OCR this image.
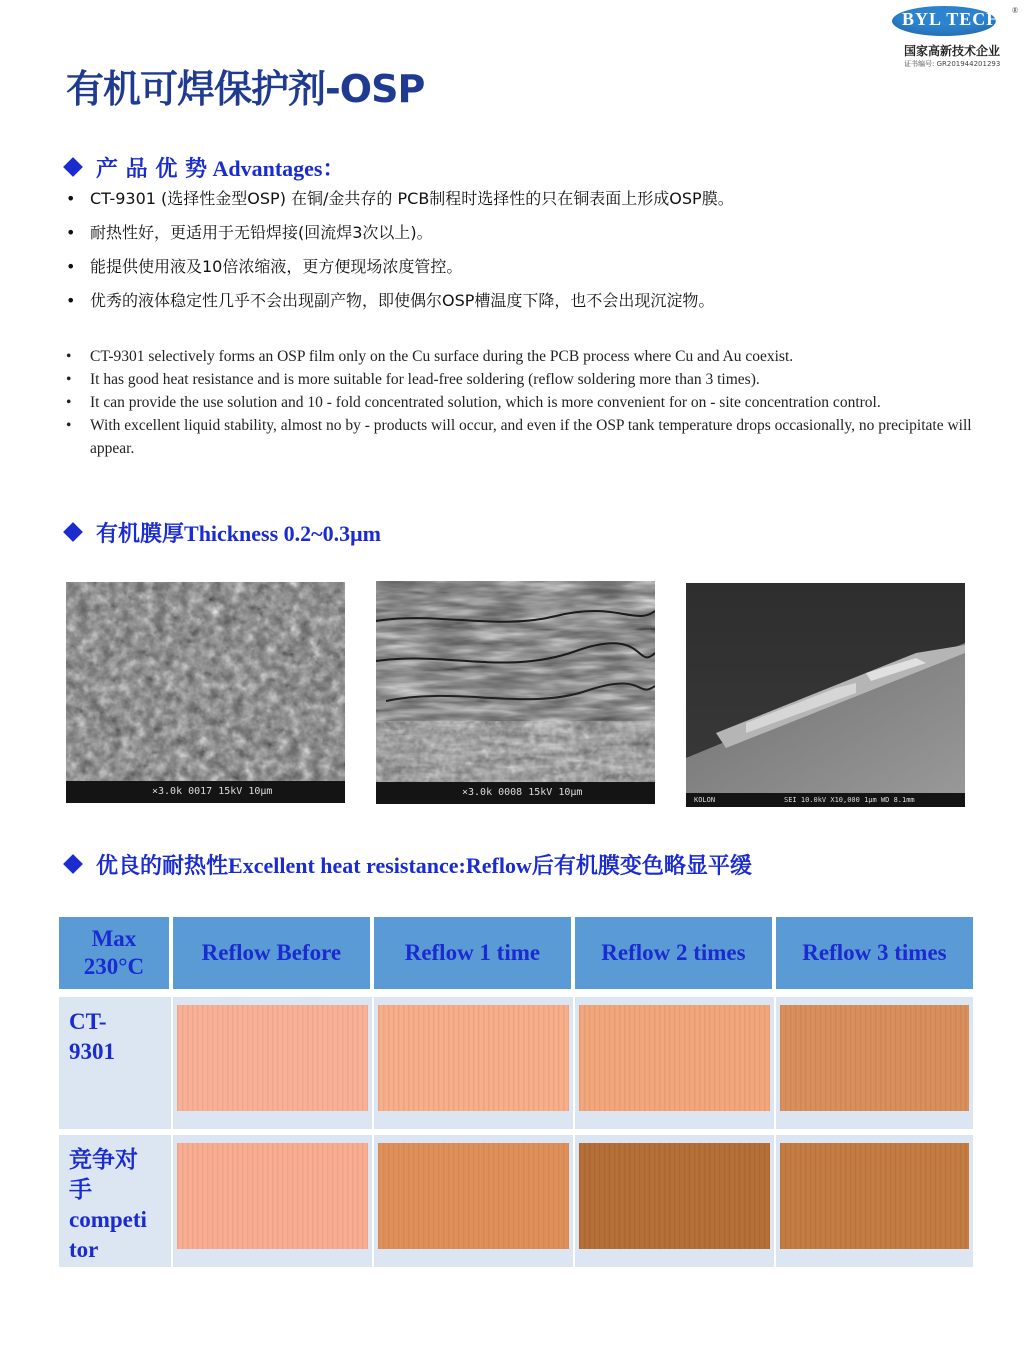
BYL TECH ®
国家高新技术企业
证书编号: GR201944201293
有机可焊保护剂-OSP
产 品 优 势 Advantages：
• CT-9301 (选择性金型OSP) 在铜/金共存的 PCB制程时选择性的只在铜表面上形成OSP膜。
• 耐热性好，更适用于无铅焊接(回流焊3次以上)。
• 能提供使用液及10倍浓缩液，更方便现场浓度管控。
• 优秀的液体稳定性几乎不会出现副产物，即使偶尔OSP槽温度下降，也不会出现沉淀物。
• CT-9301 selectively forms an OSP film only on the Cu surface during the PCB process where Cu and Au coexist.
• It has good heat resistance and is more suitable for lead-free soldering (reflow soldering more than 3 times).
• It can provide the use solution and 10 - fold concentrated solution, which is more convenient for on - site concentration control.
• With excellent liquid stability, almost no by - products will occur, and even if the OSP tank temperature drops occasionally, no precipitate will appear.
有机膜厚Thickness 0.2~0.3μm
×3.0k 0017 15kV 10μm	×3.0k 0008 15kV 10μm
KOLON	SEI 10.0kV X10,000 1μm WD 8.1mm
优良的耐热性Excellent heat resistance:Reflow后有机膜变色略显平缓
Max
230°C	Reflow Before	Reflow 1 time	Reflow 2 times	Reflow 3 times

CT-
9301				

竞争对
手
competi
tor				
